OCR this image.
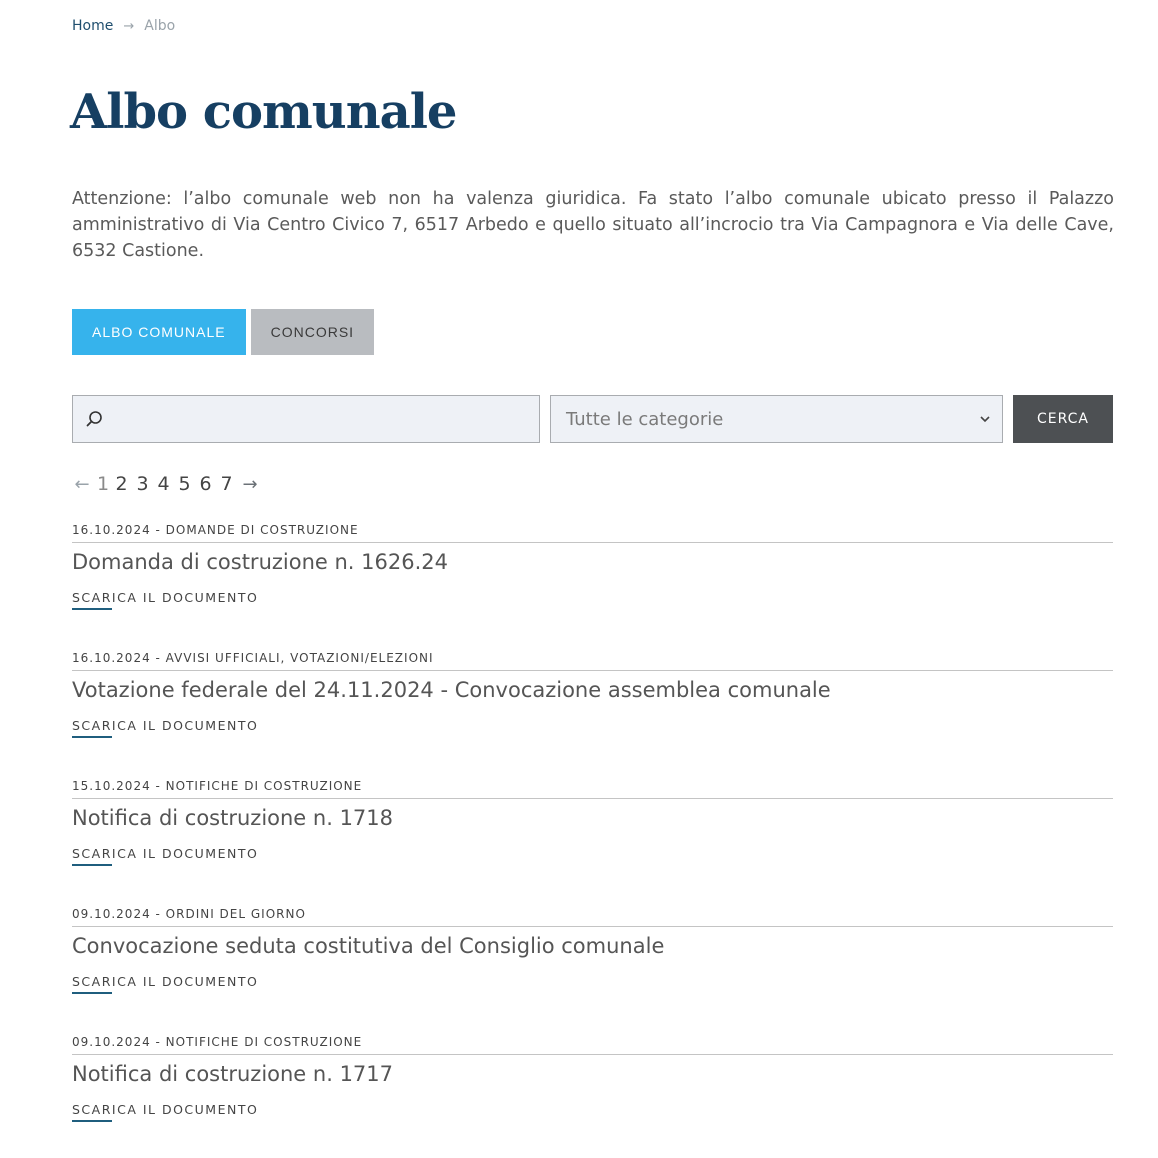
Home → Albo
Albo comunale

Attenzione: l’albo comunale web non ha valenza giuridica. Fa stato l’albo comunale ubicato presso il Palazzo amministrativo di Via Centro Civico 7, 6517 Arbedo e quello situato all’incrocio tra Via Campagnora e Via delle Cave, 6532 Castione.

ALBO COMUNALE	CONCORSI
Tutte le categorie	CERCA
← 1 2 3 4 5 6 7 →
16.10.2024 - DOMANDE DI COSTRUZIONE
Domanda di costruzione n. 1626.24
SCARICA IL DOCUMENTO
16.10.2024 - AVVISI UFFICIALI, VOTAZIONI/ELEZIONI
Votazione federale del 24.11.2024 - Convocazione assemblea comunale
SCARICA IL DOCUMENTO
15.10.2024 - NOTIFICHE DI COSTRUZIONE
Notifica di costruzione n. 1718
SCARICA IL DOCUMENTO
09.10.2024 - ORDINI DEL GIORNO
Convocazione seduta costitutiva del Consiglio comunale
SCARICA IL DOCUMENTO
09.10.2024 - NOTIFICHE DI COSTRUZIONE
Notifica di costruzione n. 1717
SCARICA IL DOCUMENTO
